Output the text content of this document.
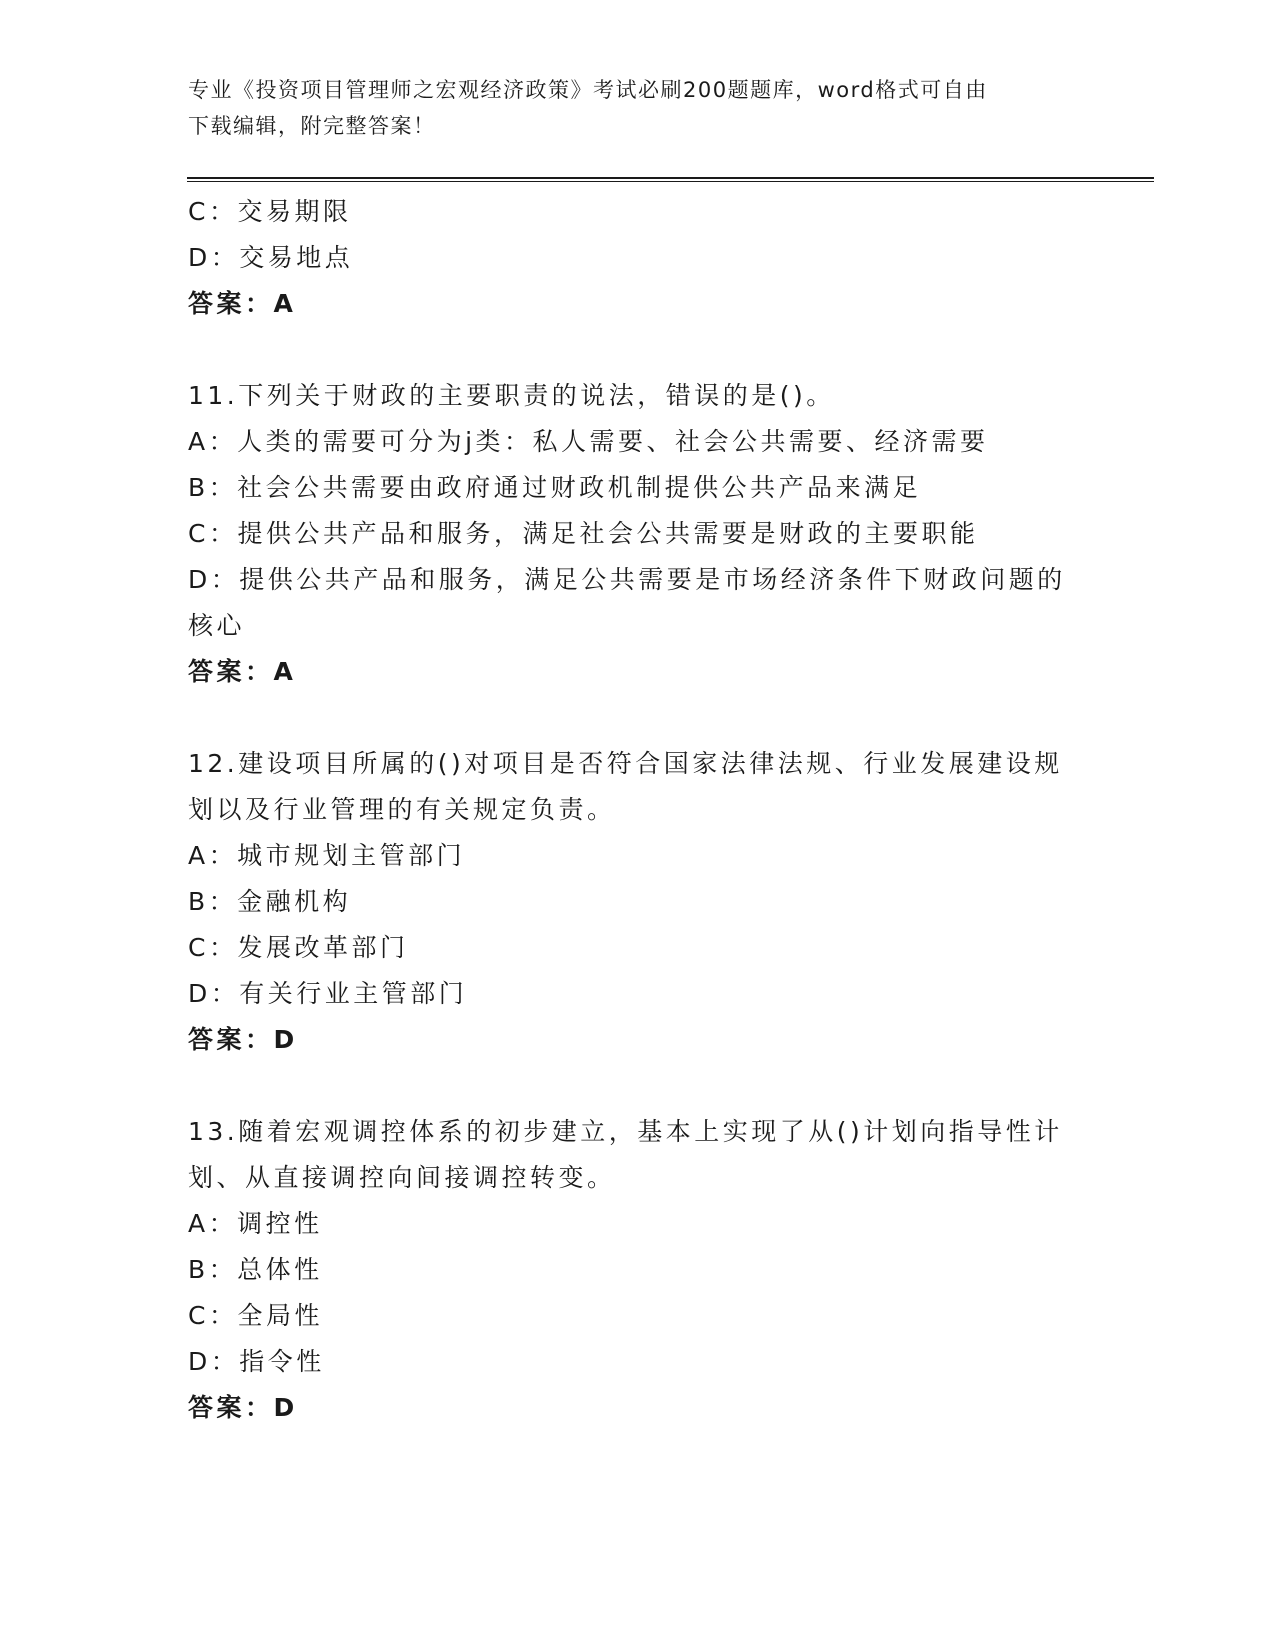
专业《投资项目管理师之宏观经济政策》考试必刷200题题库，word格式可自由
下载编辑，附完整答案！
C：交易期限
D：交易地点
答案：A
11.下列关于财政的主要职责的说法，错误的是()。
A：人类的需要可分为j类：私人需要、社会公共需要、经济需要
B：社会公共需要由政府通过财政机制提供公共产品来满足
C：提供公共产品和服务，满足社会公共需要是财政的主要职能
D：提供公共产品和服务，满足公共需要是市场经济条件下财政问题的
核心
答案：A
12.建设项目所属的()对项目是否符合国家法律法规、行业发展建设规
划以及行业管理的有关规定负责。
A：城市规划主管部门
B：金融机构
C：发展改革部门
D：有关行业主管部门
答案：D
13.随着宏观调控体系的初步建立，基本上实现了从()计划向指导性计
划、从直接调控向间接调控转变。
A：调控性
B：总体性
C：全局性
D：指令性
答案：D
